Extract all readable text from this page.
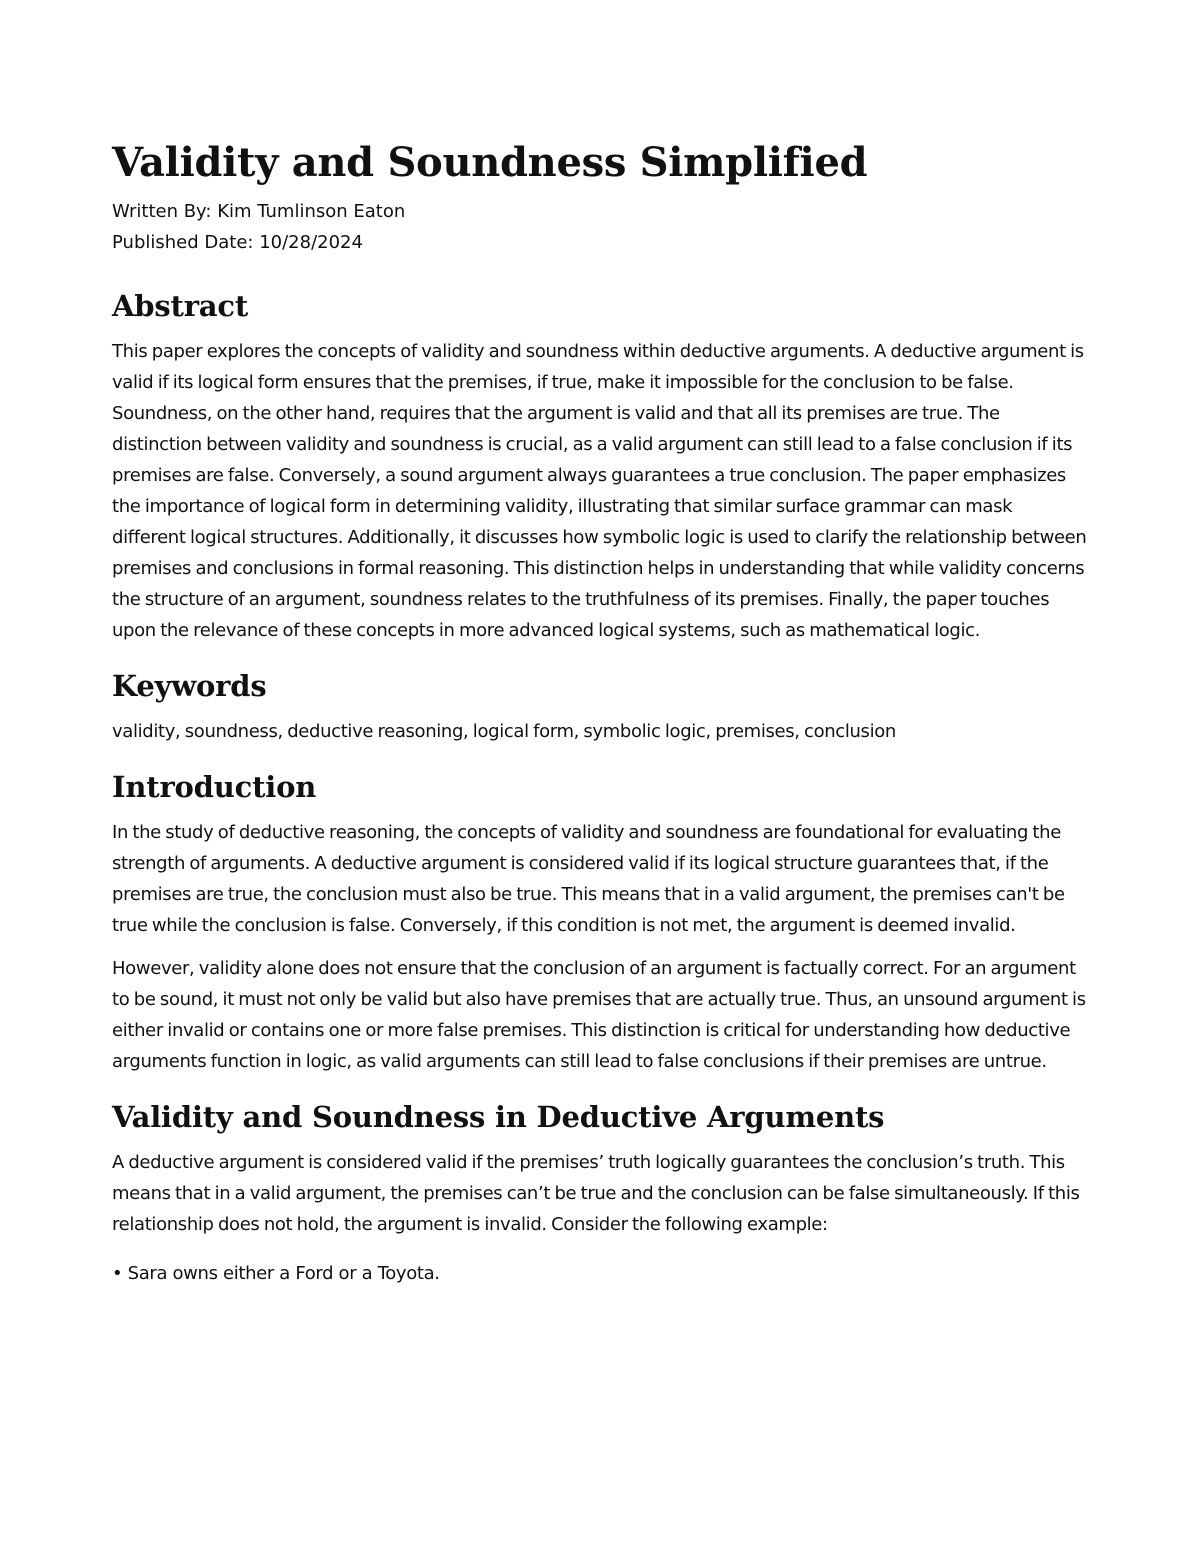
Validity and Soundness Simplified
Written By: Kim Tumlinson Eaton
Published Date: 10/28/2024
Abstract

This paper explores the concepts of validity and soundness within deductive arguments. A deductive argument is valid if its logical form ensures that the premises, if true, make it impossible for the conclusion to be false. Soundness, on the other hand, requires that the argument is valid and that all its premises are true. The distinction between validity and soundness is crucial, as a valid argument can still lead to a false conclusion if its premises are false. Conversely, a sound argument always guarantees a true conclusion. The paper emphasizes the importance of logical form in determining validity, illustrating that similar surface grammar can mask different logical structures. Additionally, it discusses how symbolic logic is used to clarify the relationship between premises and conclusions in formal reasoning. This distinction helps in understanding that while validity concerns the structure of an argument, soundness relates to the truthfulness of its premises. Finally, the paper touches upon the relevance of these concepts in more advanced logical systems, such as mathematical logic.

Keywords

validity, soundness, deductive reasoning, logical form, symbolic logic, premises, conclusion

Introduction

In the study of deductive reasoning, the concepts of validity and soundness are foundational for evaluating the strength of arguments. A deductive argument is considered valid if its logical structure guarantees that, if the premises are true, the conclusion must also be true. This means that in a valid argument, the premises can't be true while the conclusion is false. Conversely, if this condition is not met, the argument is deemed invalid.

However, validity alone does not ensure that the conclusion of an argument is factually correct. For an argument to be sound, it must not only be valid but also have premises that are actually true. Thus, an unsound argument is either invalid or contains one or more false premises. This distinction is critical for understanding how deductive arguments function in logic, as valid arguments can still lead to false conclusions if their premises are untrue.

Validity and Soundness in Deductive Arguments

A deductive argument is considered valid if the premises’ truth logically guarantees the conclusion’s truth. This means that in a valid argument, the premises can’t be true and the conclusion can be false simultaneously. If this relationship does not hold, the argument is invalid. Consider the following example:

• Sara owns either a Ford or a Toyota.
